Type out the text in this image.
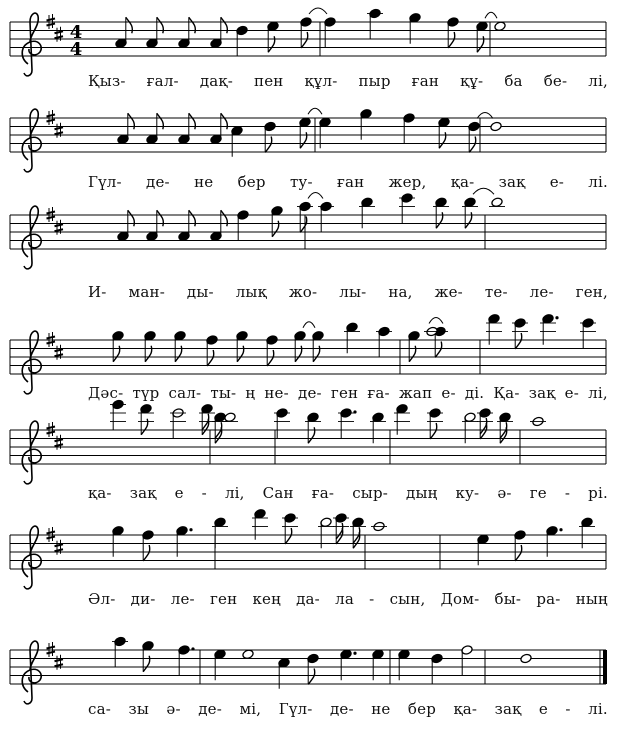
4
4
Қыз- ғал- дақ- пен құл- пыр ған құ- ба бе- лі,
Гүл- де- не бер ту- ған жер, қа- зақ е- лі.
И- ман- ды- лық жо- лы- на, же- те- ле- ген,
Дәс- түр сал- ты- ң не- де- ген ға- жап е- ді. Қа- зақ е- лі,
қа- зақ е - лі, Сан ға- сыр- дың ку- ә- ге - рі.
Әл- ди- ле- ген кең да- ла - сын, Дом- бы- ра- ның
са- зы ә- де- мі, Гүл- де- не бер қа- зақ е - лі.
